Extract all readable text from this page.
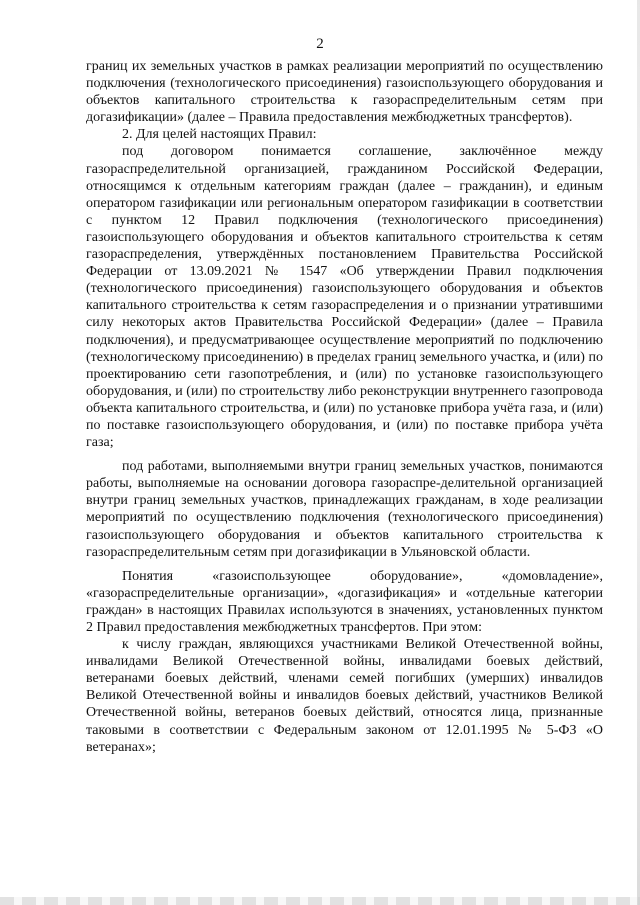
2

границ их земельных участков в рамках реализации мероприятий по осуществлению подключения (технологического присоединения) газоиспользующего оборудования и объектов капитального строительства к газораспределительным сетям при догазификации» (далее – Правила предоставления межбюджетных трансфертов).

2. Для целей настоящих Правил:

под договором понимается соглашение, заключённое между газораспределительной организацией, гражданином Российской Федерации, относящимся к отдельным категориям граждан (далее – гражданин), и единым оператором газификации или региональным оператором газификации в соответствии с пунктом 12 Правил подключения (технологического присоединения) газоиспользующего оборудования и объектов капитального строительства к сетям газораспределения, утверждённых постановлением Правительства Российской Федерации от 13.09.2021 № 1547 «Об утверждении Правил подключения (технологического присоединения) газоиспользующего оборудования и объектов капитального строительства к сетям газораспределения и о признании утратившими силу некоторых актов Правительства Российской Федерации» (далее – Правила подключения), и предусматривающее осуществление мероприятий по подключению (технологическому присоединению) в пределах границ земельного участка, и (или) по проектированию сети газопотребления, и (или) по установке газоиспользующего оборудования, и (или) по строительству либо реконструкции внутреннего газопровода объекта капитального строительства, и (или) по установке прибора учёта газа, и (или) по поставке газоиспользующего оборудования, и (или) по поставке прибора учёта газа;

под работами, выполняемыми внутри границ земельных участков, понимаются работы, выполняемые на основании договора газораспре-делительной организацией внутри границ земельных участков, принадлежащих гражданам, в ходе реализации мероприятий по осуществлению подключения (технологического присоединения) газоиспользующего оборудования и объектов капитального строительства к газораспределительным сетям при догазификации в Ульяновской области.

Понятия «газоиспользующее оборудование», «домовладение», «газораспределительные организации», «догазификация» и «отдельные категории граждан» в настоящих Правилах используются в значениях, установленных пунктом 2 Правил предоставления межбюджетных трансфертов. При этом:

к числу граждан, являющихся участниками Великой Отечественной войны, инвалидами Великой Отечественной войны, инвалидами боевых действий, ветеранами боевых действий, членами семей погибших (умерших) инвалидов Великой Отечественной войны и инвалидов боевых действий, участников Великой Отечественной войны, ветеранов боевых действий, относятся лица, признанные таковыми в соответствии с Федеральным законом от 12.01.1995 № 5-ФЗ «О ветеранах»;
